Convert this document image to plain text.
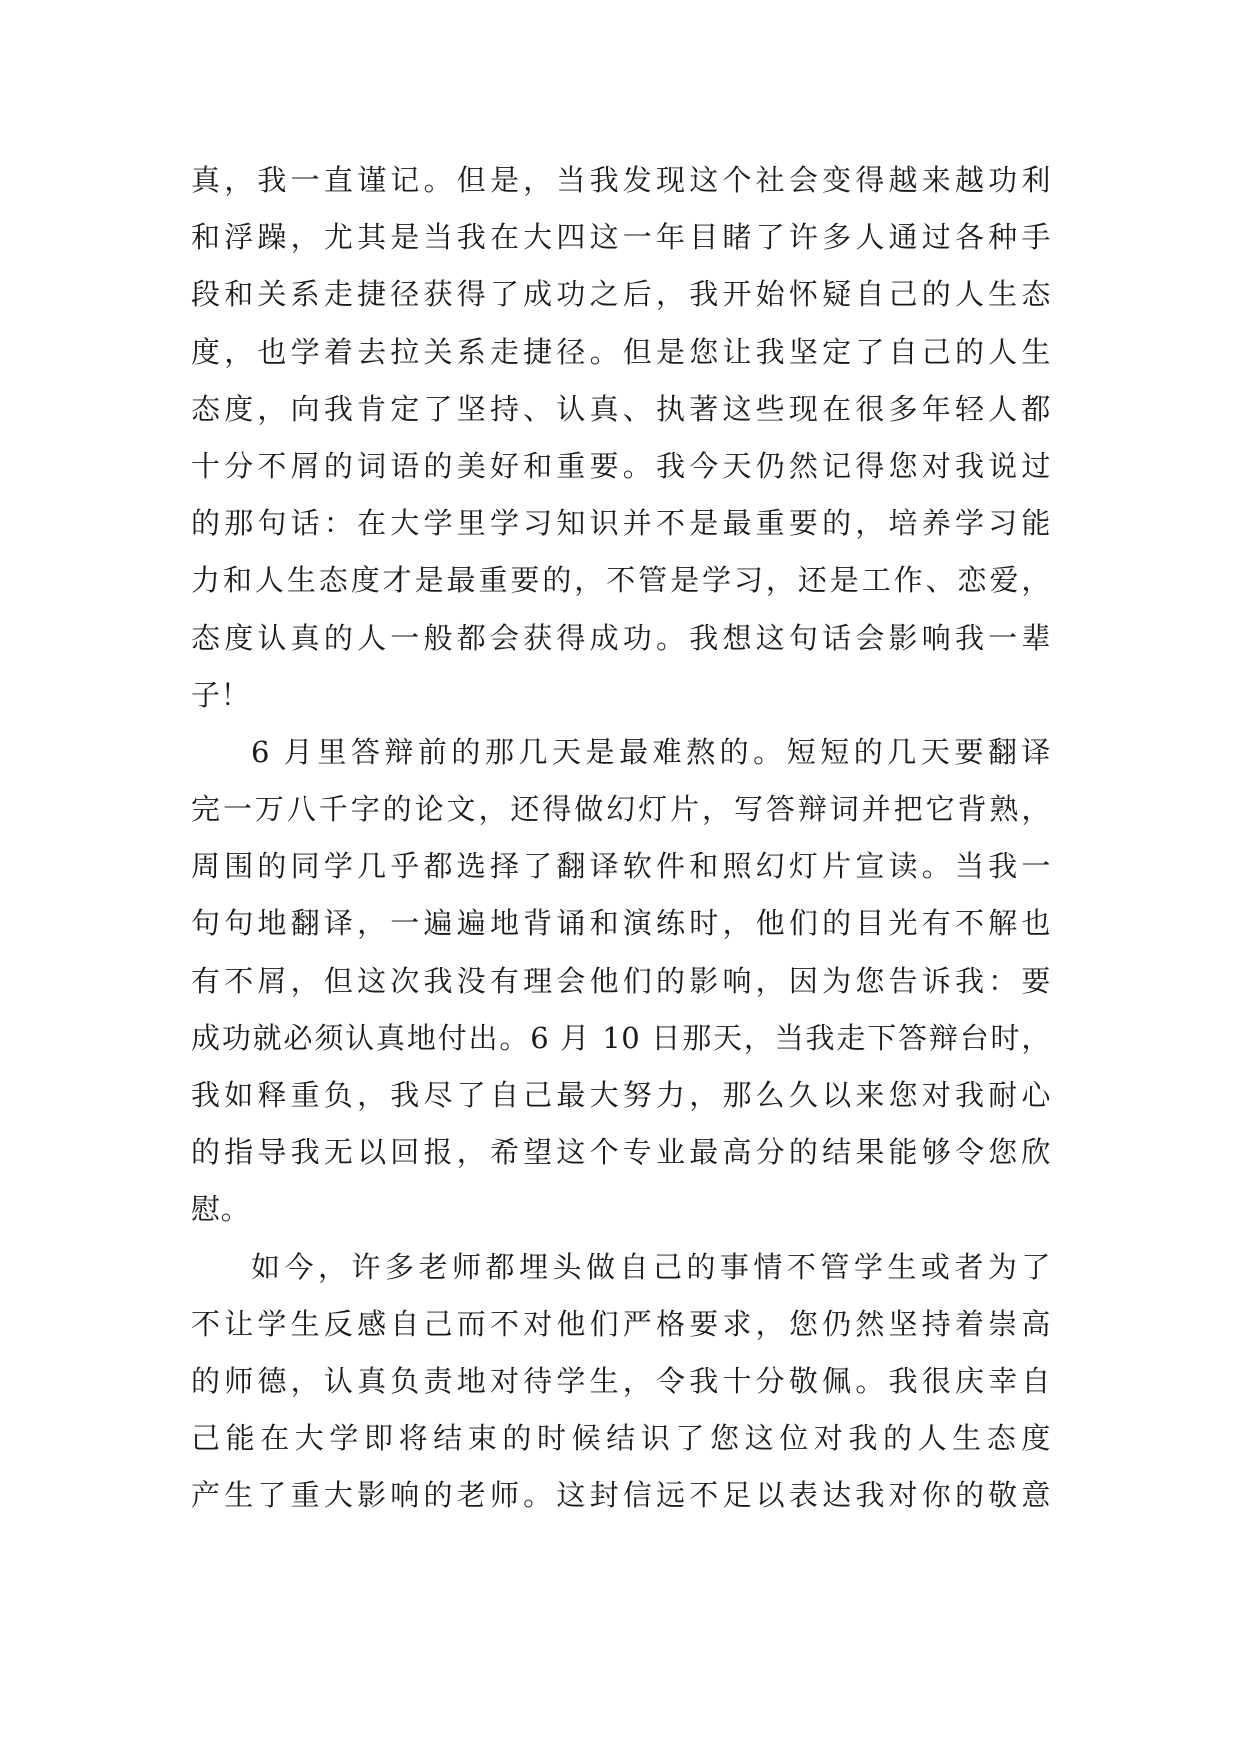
真，我一直谨记。但是，当我发现这个社会变得越来越功利
和浮躁，尤其是当我在大四这一年目睹了许多人通过各种手
段和关系走捷径获得了成功之后，我开始怀疑自己的人生态
度，也学着去拉关系走捷径。但是您让我坚定了自己的人生
态度，向我肯定了坚持、认真、执著这些现在很多年轻人都
十分不屑的词语的美好和重要。我今天仍然记得您对我说过
的那句话：在大学里学习知识并不是最重要的，培养学习能
力和人生态度才是最重要的，不管是学习，还是工作、恋爱，
态度认真的人一般都会获得成功。我想这句话会影响我一辈
子！
6 月里答辩前的那几天是最难熬的。短短的几天要翻译
完一万八千字的论文，还得做幻灯片，写答辩词并把它背熟，
周围的同学几乎都选择了翻译软件和照幻灯片宣读。当我一
句句地翻译，一遍遍地背诵和演练时，他们的目光有不解也
有不屑，但这次我没有理会他们的影响，因为您告诉我：要
成功就必须认真地付出。6 月 10 日那天，当我走下答辩台时，
我如释重负，我尽了自己最大努力，那么久以来您对我耐心
的指导我无以回报，希望这个专业最高分的结果能够令您欣
慰。
如今，许多老师都埋头做自己的事情不管学生或者为了
不让学生反感自己而不对他们严格要求，您仍然坚持着崇高
的师德，认真负责地对待学生，令我十分敬佩。我很庆幸自
己能在大学即将结束的时候结识了您这位对我的人生态度
产生了重大影响的老师。这封信远不足以表达我对你的敬意
